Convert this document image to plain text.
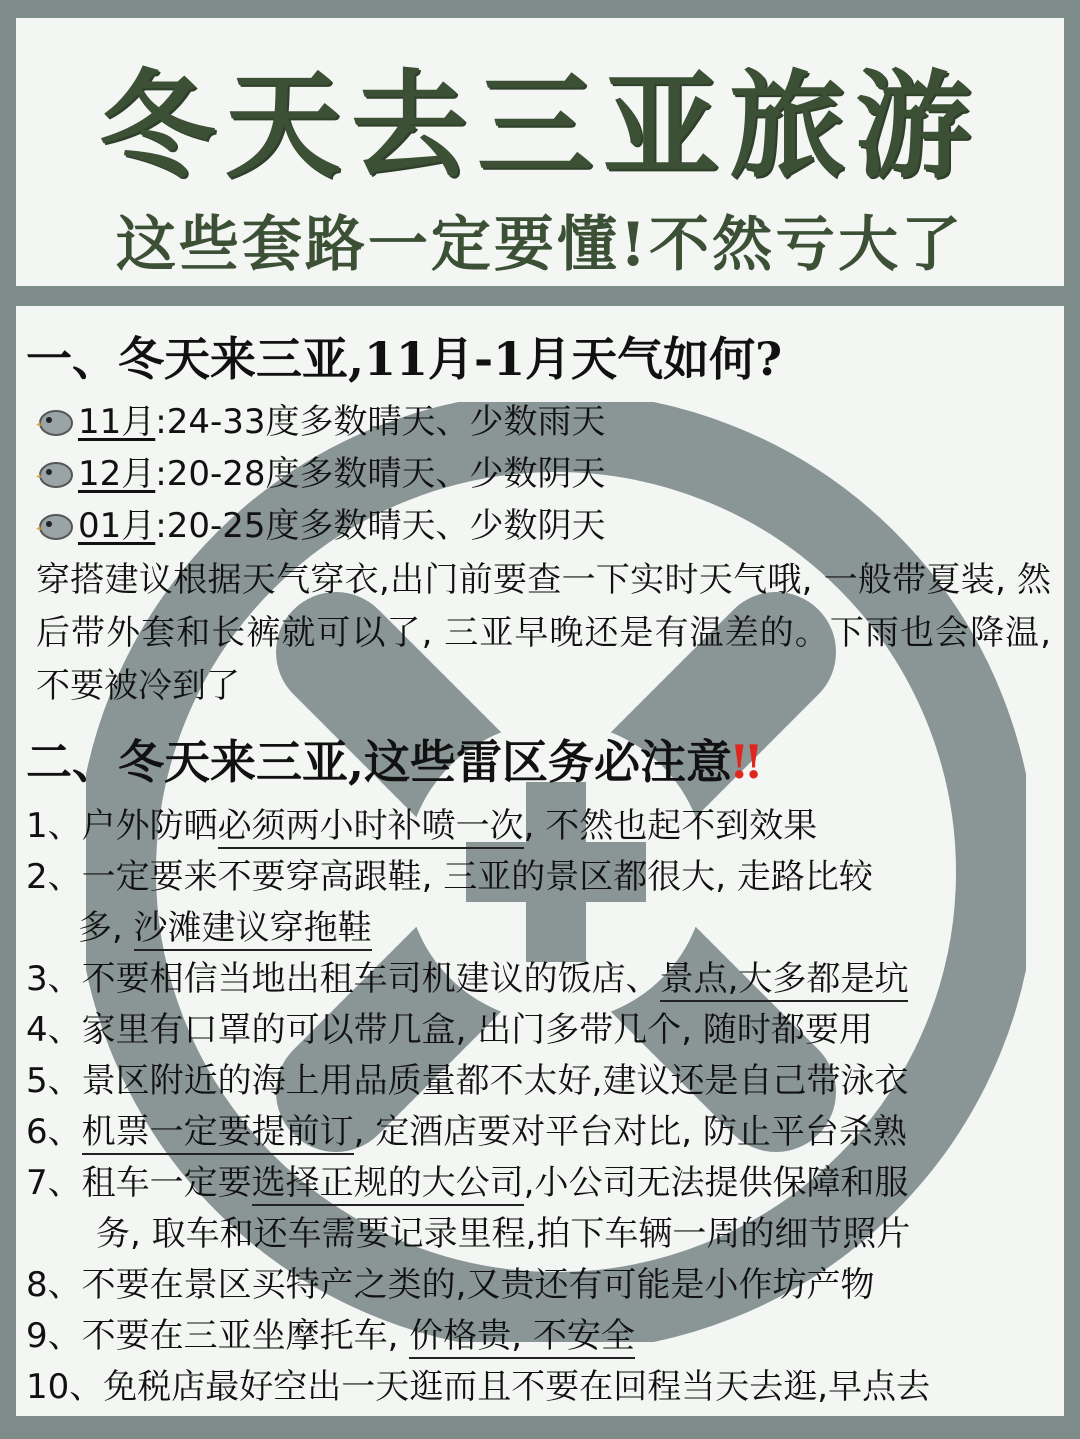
冬天去三亚旅游
这些套路一定要懂!不然亏大了
一、冬天来三亚,11月-1月天气如何?
11月 :24-33度多数晴天、少数雨天
12月 :20-28度多数晴天、少数阴天
01月 :20-25度多数晴天、少数阴天

穿搭建议根据天气穿衣,出门前要查一下实时天气哦, 一般带夏装, 然后带外套和长裤就可以了, 三亚早晚还是有温差的。下雨也会降温, 不要被冷到了

二、冬天来三亚,这些雷区务必注意‼
1、户外防晒必须两小时补喷一次, 不然也起不到效果
2、一定要来不要穿高跟鞋, 三亚的景区都很大, 走路比较
多, 沙滩建议穿拖鞋
3、不要相信当地出租车司机建议的饭店、景点,大多都是坑
4、家里有口罩的可以带几盒, 出门多带几个, 随时都要用
5、景区附近的海上用品质量都不太好,建议还是自己带泳衣
6、机票一定要提前订, 定酒店要对平台对比, 防止平台杀熟
7、租车一定要选择正规的大公司,小公司无法提供保障和服
务, 取车和还车需要记录里程,拍下车辆一周的细节照片
8、不要在景区买特产之类的,又贵还有可能是小作坊产物
9、不要在三亚坐摩托车, 价格贵, 不安全
10、免税店最好空出一天逛而且不要在回程当天去逛,早点去
